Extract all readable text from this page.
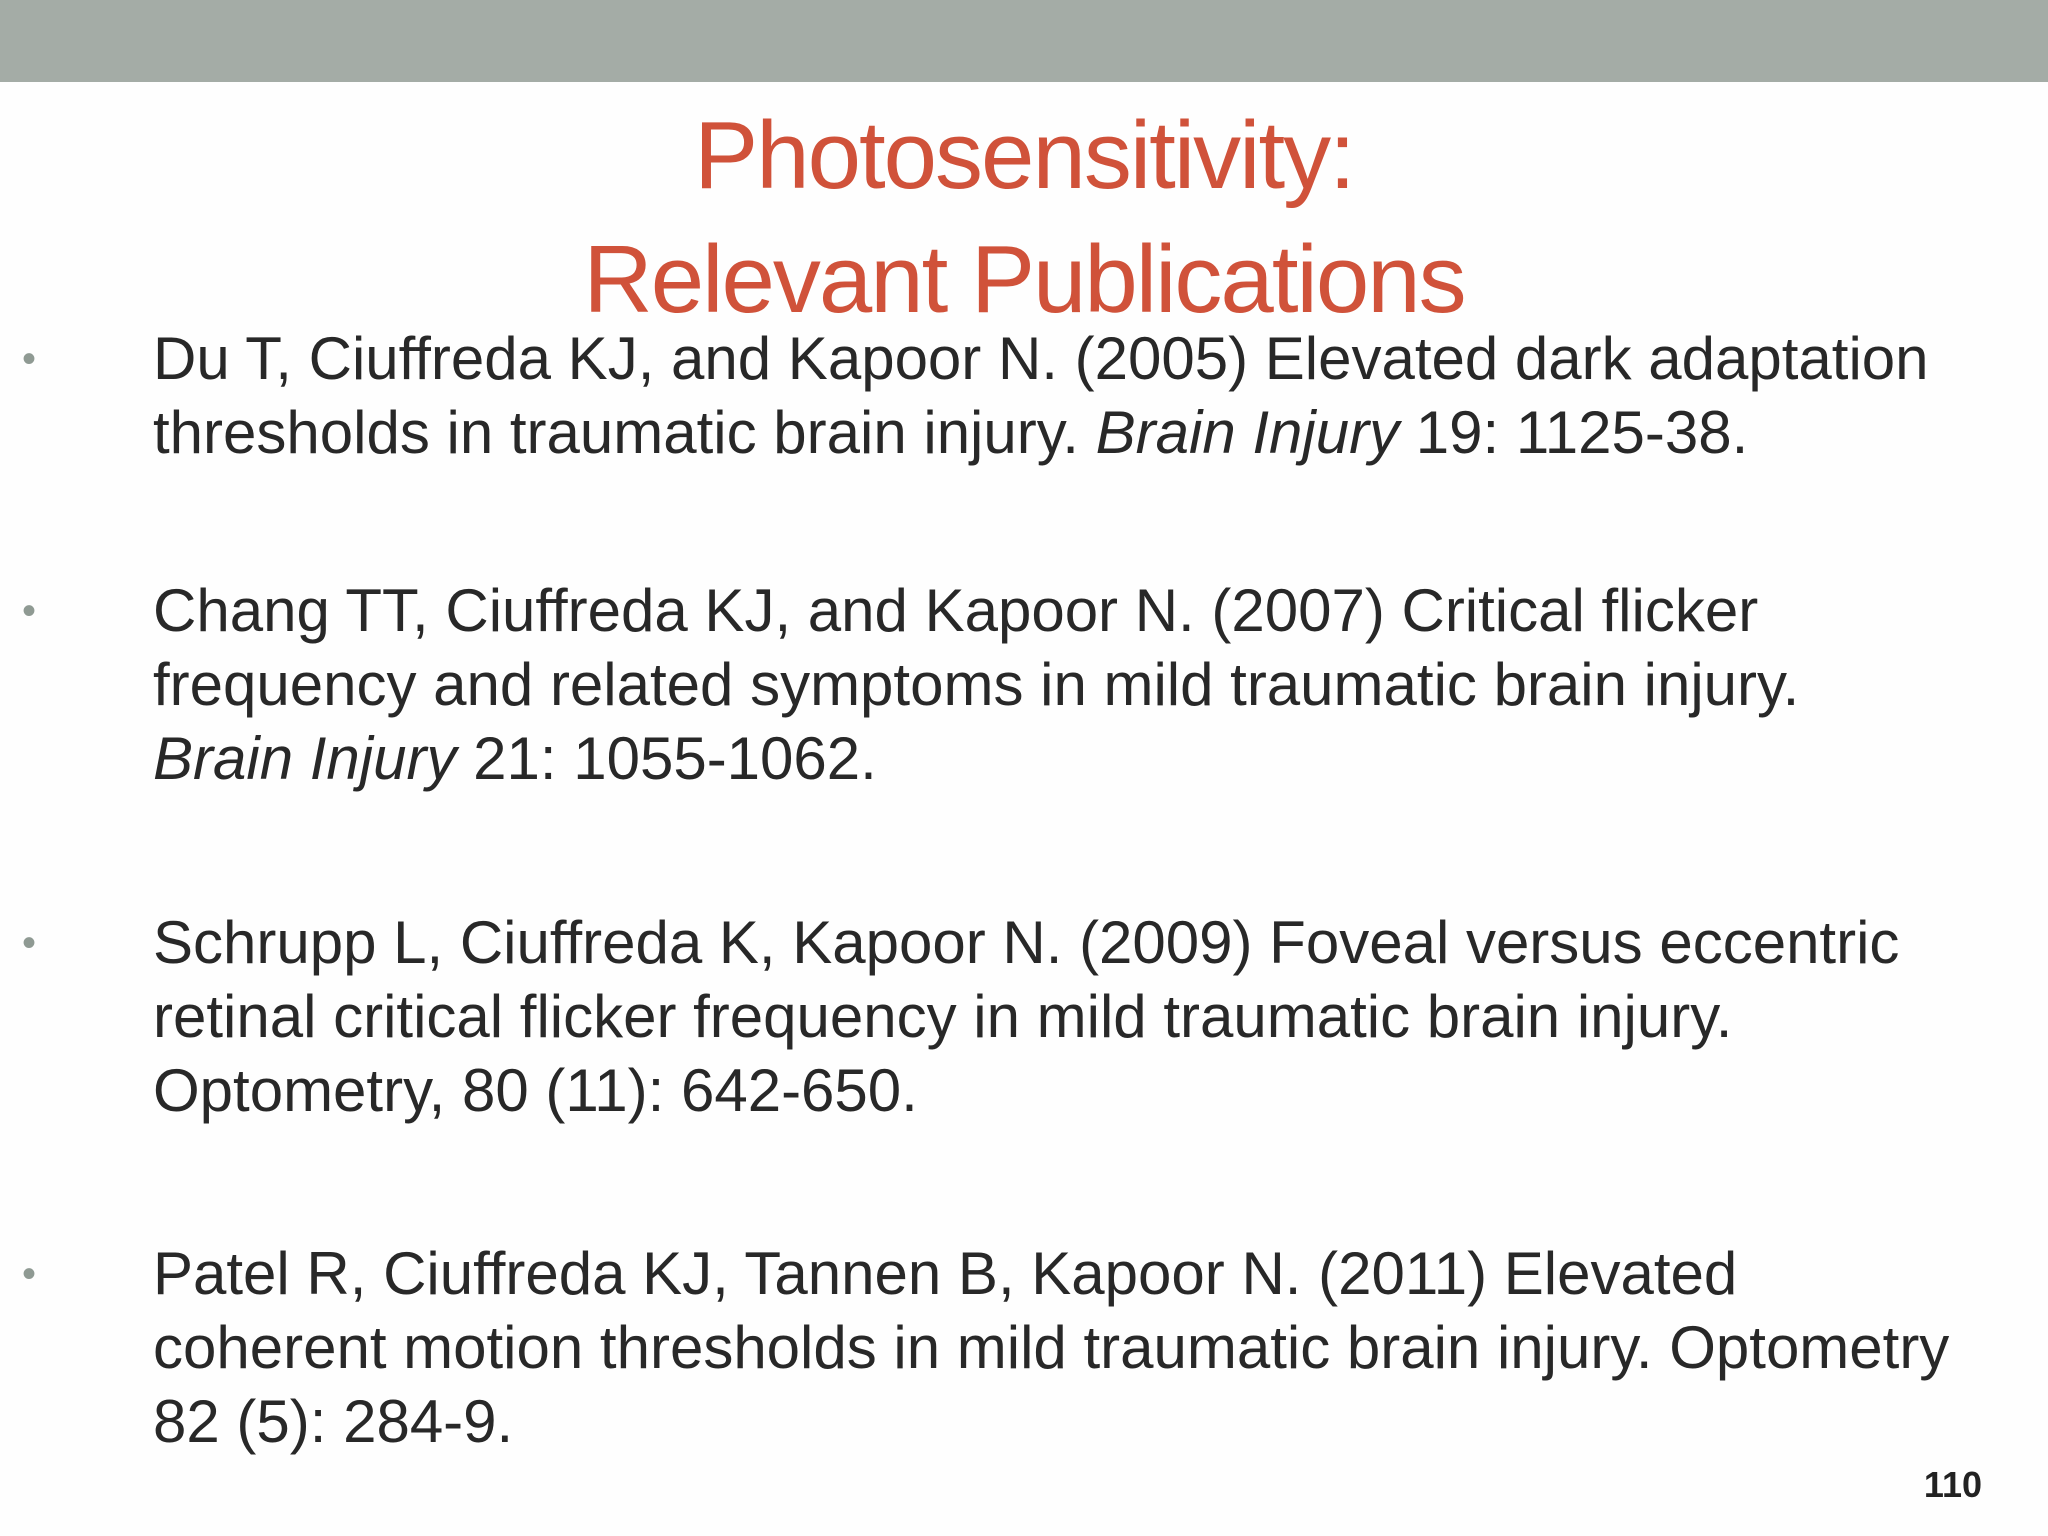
Photosensitivity:
Relevant Publications
• Du T, Ciuffreda KJ, and Kapoor N. (2005) Elevated dark adaptation
thresholds in traumatic brain injury. Brain Injury 19: 1125-38.
• Chang TT, Ciuffreda KJ, and Kapoor N. (2007) Critical flicker
frequency and related symptoms in mild traumatic brain injury.
Brain Injury 21: 1055-1062.
• Schrupp L, Ciuffreda K, Kapoor N. (2009) Foveal versus eccentric
retinal critical flicker frequency in mild traumatic brain injury.
Optometry, 80 (11): 642-650.
• Patel R, Ciuffreda KJ, Tannen B, Kapoor N. (2011) Elevated
coherent motion thresholds in mild traumatic brain injury. Optometry
82 (5): 284-9.
110
